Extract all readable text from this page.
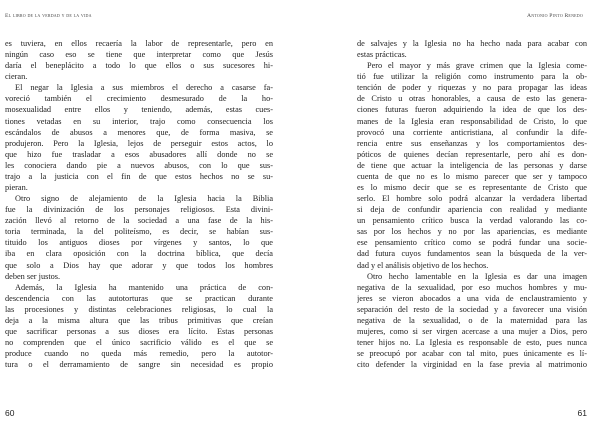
El libro de la verdad y de la vida
es tuviera, en ellos recaería la labor de representarle, pero en
ningún caso eso se tiene que interpretar como que Jesús
daría el beneplácito a todo lo que ellos o sus sucesores hi-
cieran.
El negar la Iglesia a sus miembros el derecho a casarse fa-
voreció también el crecimiento desmesurado de la ho-
mosexualidad entre ellos y teniendo, además, estas cues-
tiones vetadas en su interior, trajo como consecuencia los
escándalos de abusos a menores que, de forma masiva, se
produjeron. Pero la Iglesia, lejos de perseguir estos actos, lo
que hizo fue trasladar a esos abusadores allí donde no se
les conociera dando pie a nuevos abusos, con lo que sus-
trajo a la justicia con el fin de que estos hechos no se su-
pieran.
Otro signo de alejamiento de la Iglesia hacia la Biblia
fue la divinización de los personajes religiosos. Esta divini-
zación llevó al retorno de la sociedad a una fase de la his-
toria terminada, la del politeísmo, es decir, se habían sus-
tituido los antiguos dioses por vírgenes y santos, lo que
iba en clara oposición con la doctrina bíblica, que decía
que solo a Dios hay que adorar y que todos los hombres
deben ser justos.
Además, la Iglesia ha mantenido una práctica de con-
descendencia con las autotorturas que se practican durante
las procesiones y distintas celebraciones religiosas, lo cual la
deja a la misma altura que las tribus primitivas que creían
que sacrificar personas a sus dioses era lícito. Estas personas
no comprenden que el único sacrificio válido es el que se
produce cuando no queda más remedio, pero la autotor-
tura o el derramamiento de sangre sin necesidad es propio
60
Antonio Pinto Renedo
de salvajes y la Iglesia no ha hecho nada para acabar con
estas prácticas.
Pero el mayor y más grave crimen que la Iglesia come-
tió fue utilizar la religión como instrumento para la ob-
tención de poder y riquezas y no para propagar las ideas
de Cristo u otras honorables, a causa de esto las genera-
ciones futuras fueron adquiriendo la idea de que los des-
manes de la Iglesia eran responsabilidad de Cristo, lo que
provocó una corriente anticristiana, al confundir la dife-
rencia entre sus enseñanzas y los comportamientos des-
póticos de quienes decían representarle, pero ahí es don-
de tiene que actuar la inteligencia de las personas y darse
cuenta de que no es lo mismo parecer que ser y tampoco
es lo mismo decir que se es representante de Cristo que
serlo. El hombre solo podrá alcanzar la verdadera libertad
si deja de confundir apariencia con realidad y mediante
un pensamiento crítico busca la verdad valorando las co-
sas por los hechos y no por las apariencias, es mediante
ese pensamiento crítico como se podrá fundar una socie-
dad futura cuyos fundamentos sean la búsqueda de la ver-
dad y el análisis objetivo de los hechos.
Otro hecho lamentable en la Iglesia es dar una imagen
negativa de la sexualidad, por eso muchos hombres y mu-
jeres se vieron abocados a una vida de enclaustramiento y
separación del resto de la sociedad y a favorecer una visión
negativa de la sexualidad, o de la maternidad para las
mujeres, como si ser virgen acercase a una mujer a Dios, pero
tener hijos no. La Iglesia es responsable de esto, pues nunca
se preocupó por acabar con tal mito, pues únicamente es lí-
cito defender la virginidad en la fase previa al matrimonio
61
